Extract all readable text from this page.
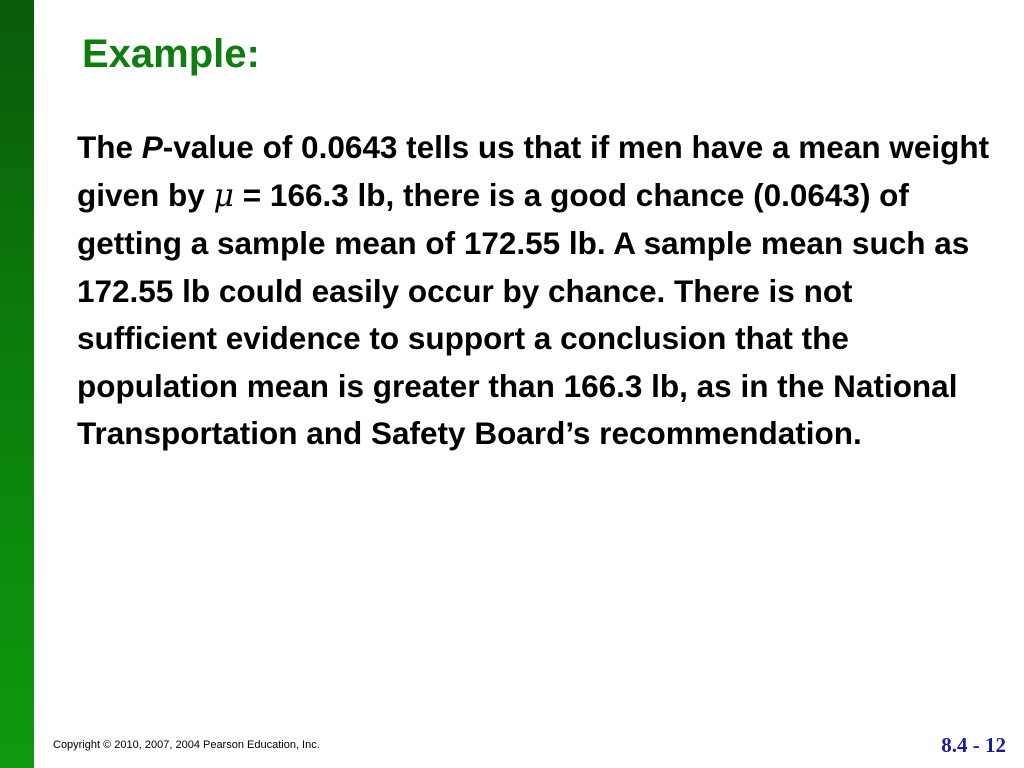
Example:

The P-value of 0.0643 tells us that if men have a mean weight given by μ = 166.3 lb, there is a good chance (0.0643) of getting a sample mean of 172.55 lb. A sample mean such as 172.55 lb could easily occur by chance. There is not sufficient evidence to support a conclusion that the population mean is greater than 166.3 lb, as in the National Transportation and Safety Board’s recommendation.

Copyright © 2010, 2007, 2004 Pearson Education, Inc.	8.4 - 12
